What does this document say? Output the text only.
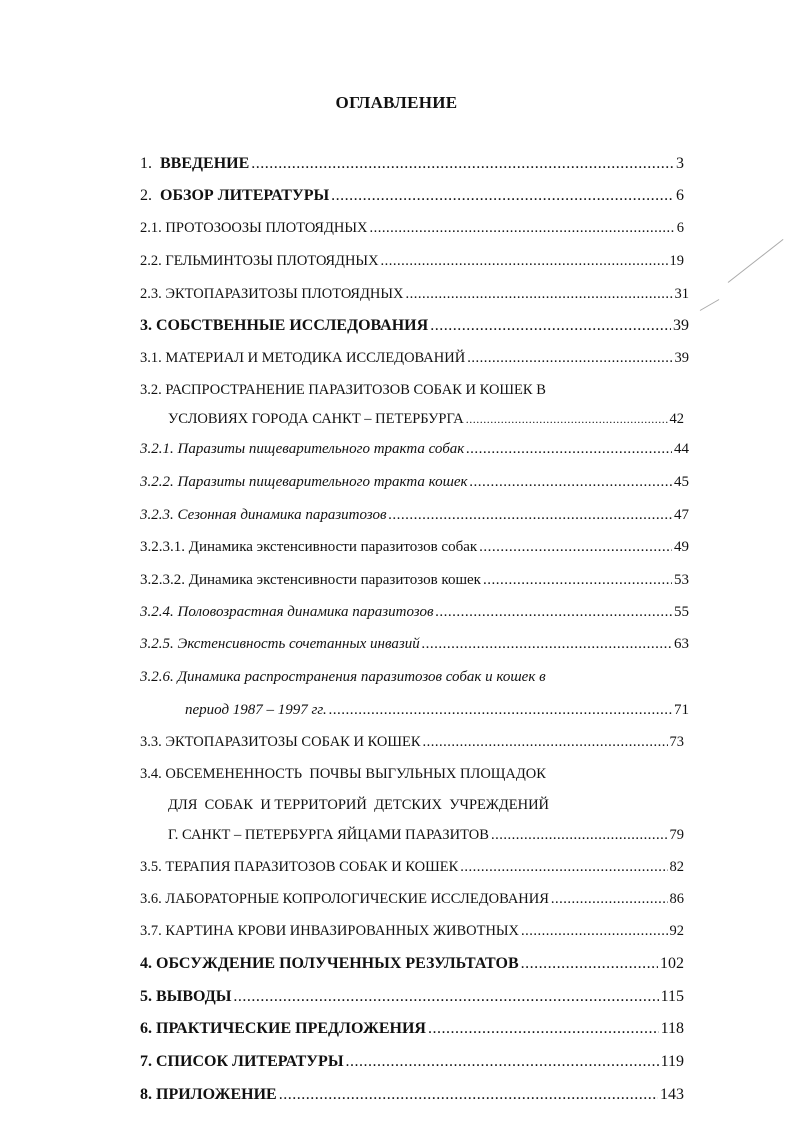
ОГЛАВЛЕНИЕ
1.
ВВЕДЕНИЕ .....	3
2.
ОБЗОР ЛИТЕРАТУРЫ .....	6
2.1.
ПРОТОЗООЗЫ ПЛОТОЯДНЫХ .....	6
2.2.
ГЕЛЬМИНТОЗЫ ПЛОТОЯДНЫХ .....	19
2.3.
ЭКТОПАРАЗИТОЗЫ ПЛОТОЯДНЫХ .....	31
3.
СОБСТВЕННЫЕ ИССЛЕДОВАНИЯ .....	39
3.1.
МАТЕРИАЛ И МЕТОДИКА ИССЛЕДОВАНИЙ .....	39
3.2. РАСПРОСТРАНЕНИЕ ПАРАЗИТОЗОВ СОБАК И КОШЕК В
УСЛОВИЯХ ГОРОДА САНКТ – ПЕТЕРБУРГА .....	42
3.2.1.
Паразиты пищеварительного тракта собак .....	44
3.2.2.
Паразиты пищеварительного тракта кошек .....	45
3.2.3.
Сезонная динамика паразитозов .....	47
3.2.3.1.
Динамика экстенсивности паразитозов собак .....	49
3.2.3.2.
Динамика экстенсивности паразитозов кошек .....	53
3.2.4.
Половозрастная динамика паразитозов .....	55
3.2.5.
Экстенсивность сочетанных инвазий .....	63
3.2.6. Динамика распространения паразитозов собак и кошек в
период 1987 – 1997 гг. .....	71
3.3.
ЭКТОПАРАЗИТОЗЫ СОБАК И КОШЕК .....	73
3.4. ОБСЕМЕНЕННОСТЬ  ПОЧВЫ ВЫГУЛЬНЫХ ПЛОЩАДОК
ДЛЯ  СОБАК  И ТЕРРИТОРИЙ  ДЕТСКИХ  УЧРЕЖДЕНИЙ
Г. САНКТ – ПЕТЕРБУРГА ЯЙЦАМИ ПАРАЗИТОВ .....	79
3.5.
ТЕРАПИЯ ПАРАЗИТОЗОВ СОБАК И КОШЕК .....	82
3.6.
ЛАБОРАТОРНЫЕ КОПРОЛОГИЧЕСКИЕ ИССЛЕДОВАНИЯ .....	86
3.7.
КАРТИНА КРОВИ ИНВАЗИРОВАННЫХ ЖИВОТНЫХ .....	92
4.
ОБСУЖДЕНИЕ ПОЛУЧЕННЫХ РЕЗУЛЬТАТОВ .....	102
5.
ВЫВОДЫ .....	115
6.
ПРАКТИЧЕСКИЕ ПРЕДЛОЖЕНИЯ .....	118
7.
СПИСОК ЛИТЕРАТУРЫ .....	119
8.
ПРИЛОЖЕНИЕ .....	143
